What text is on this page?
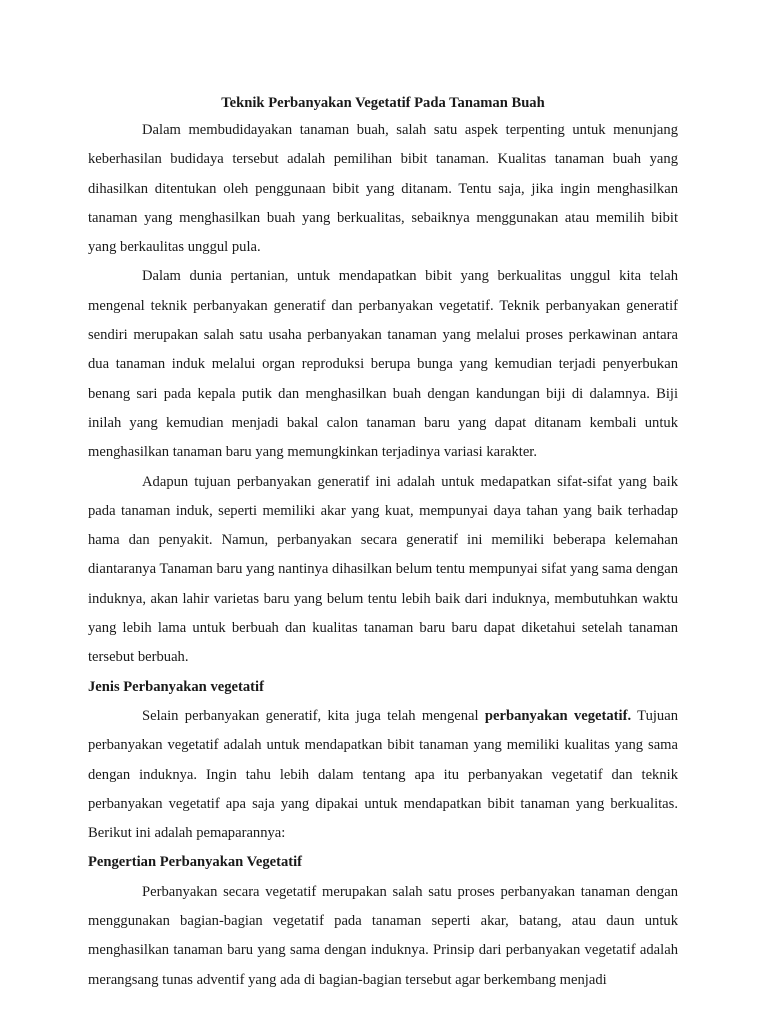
Teknik Perbanyakan Vegetatif Pada Tanaman Buah

Dalam membudidayakan tanaman buah, salah satu aspek terpenting untuk menunjang keberhasilan budidaya tersebut adalah pemilihan bibit tanaman. Kualitas tanaman buah yang dihasilkan ditentukan oleh penggunaan bibit yang ditanam. Tentu saja, jika ingin menghasilkan tanaman yang menghasilkan buah yang berkualitas, sebaiknya menggunakan atau memilih bibit yang berkaulitas unggul pula.

Dalam dunia pertanian, untuk mendapatkan bibit yang berkualitas unggul kita telah mengenal teknik perbanyakan generatif dan perbanyakan vegetatif. Teknik perbanyakan generatif sendiri merupakan salah satu usaha perbanyakan tanaman yang melalui proses perkawinan antara dua tanaman induk melalui organ reproduksi berupa bunga yang kemudian terjadi penyerbukan benang sari pada kepala putik dan menghasilkan buah dengan kandungan biji di dalamnya. Biji inilah yang kemudian menjadi bakal calon tanaman baru yang dapat ditanam kembali untuk menghasilkan tanaman baru yang memungkinkan terjadinya variasi karakter.

Adapun tujuan perbanyakan generatif ini adalah untuk medapatkan sifat-sifat yang baik pada tanaman induk, seperti memiliki akar yang kuat, mempunyai daya tahan yang baik terhadap hama dan penyakit. Namun, perbanyakan secara generatif ini memiliki beberapa kelemahan diantaranya Tanaman baru yang nantinya dihasilkan belum tentu mempunyai sifat yang sama dengan induknya, akan lahir varietas baru yang belum tentu lebih baik dari induknya, membutuhkan waktu yang lebih lama untuk berbuah dan kualitas tanaman baru baru dapat diketahui setelah tanaman tersebut berbuah.

Jenis Perbanyakan vegetatif

Selain perbanyakan generatif, kita juga telah mengenal perbanyakan vegetatif. Tujuan perbanyakan vegetatif adalah untuk mendapatkan bibit tanaman yang memiliki kualitas yang sama dengan induknya. Ingin tahu lebih dalam tentang apa itu perbanyakan vegetatif dan teknik perbanyakan vegetatif apa saja yang dipakai untuk mendapatkan bibit tanaman yang berkualitas. Berikut ini adalah pemaparannya:

Pengertian Perbanyakan Vegetatif

Perbanyakan secara vegetatif merupakan salah satu proses perbanyakan tanaman dengan menggunakan bagian-bagian vegetatif pada tanaman seperti akar, batang, atau daun untuk menghasilkan tanaman baru yang sama dengan induknya. Prinsip dari perbanyakan vegetatif adalah merangsang tunas adventif yang ada di bagian-bagian tersebut agar berkembang menjadi
